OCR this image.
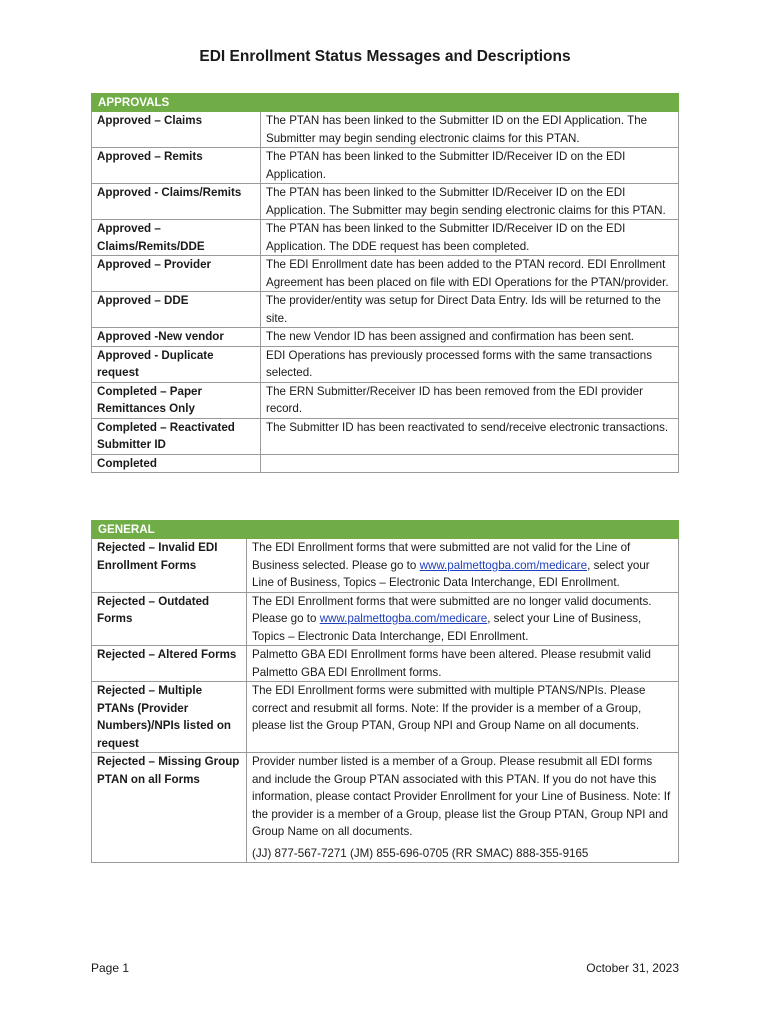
EDI Enrollment Status Messages and Descriptions
APPROVALS	
Approved – Claims	The PTAN has been linked to the Submitter ID on the EDI Application. The Submitter may begin sending electronic claims for this PTAN.
Approved – Remits	The PTAN has been linked to the Submitter ID/Receiver ID on the EDI Application.
Approved - Claims/Remits	The PTAN has been linked to the Submitter ID/Receiver ID on the EDI Application. The Submitter may begin sending electronic claims for this PTAN.
Approved – Claims/Remits/DDE	The PTAN has been linked to the Submitter ID/Receiver ID on the EDI Application. The DDE request has been completed.
Approved – Provider	The EDI Enrollment date has been added to the PTAN record. EDI Enrollment Agreement has been placed on file with EDI Operations for the PTAN/provider.
Approved – DDE	The provider/entity was setup for Direct Data Entry. Ids will be returned to the site.
Approved -New vendor	The new Vendor ID has been assigned and confirmation has been sent.
Approved - Duplicate request	EDI Operations has previously processed forms with the same transactions selected.
Completed – Paper Remittances Only	The ERN Submitter/Receiver ID has been removed from the EDI provider record.
Completed – Reactivated Submitter ID	The Submitter ID has been reactivated to send/receive electronic transactions.
Completed	
GENERAL	
Rejected – Invalid EDI Enrollment Forms	The EDI Enrollment forms that were submitted are not valid for the Line of Business selected. Please go to www.palmettogba.com/medicare, select your Line of Business, Topics – Electronic Data Interchange, EDI Enrollment.

Rejected – Outdated Forms	The EDI Enrollment forms that were submitted are no longer valid documents. Please go to www.palmettogba.com/medicare, select your Line of Business, Topics – Electronic Data Interchange, EDI Enrollment.

Rejected – Altered Forms	Palmetto GBA EDI Enrollment forms have been altered. Please resubmit valid Palmetto GBA EDI Enrollment forms.
Rejected – Multiple PTANs (Provider Numbers)/NPIs listed on request	The EDI Enrollment forms were submitted with multiple PTANS/NPIs. Please correct and resubmit all forms. Note: If the provider is a member of a Group, please list the Group PTAN, Group NPI and Group Name on all documents.
Rejected – Missing Group PTAN on all Forms	Provider number listed is a member of a Group. Please resubmit all EDI forms and include the Group PTAN associated with this PTAN. If you do not have this information, please contact Provider Enrollment for your Line of Business. Note: If the provider is a member of a Group, please list the Group PTAN, Group NPI and Group Name on all documents.

(JJ) 877-567-7271 (JM) 855-696-0705 (RR SMAC) 888-355-9165

Page 1	October 31, 2023
